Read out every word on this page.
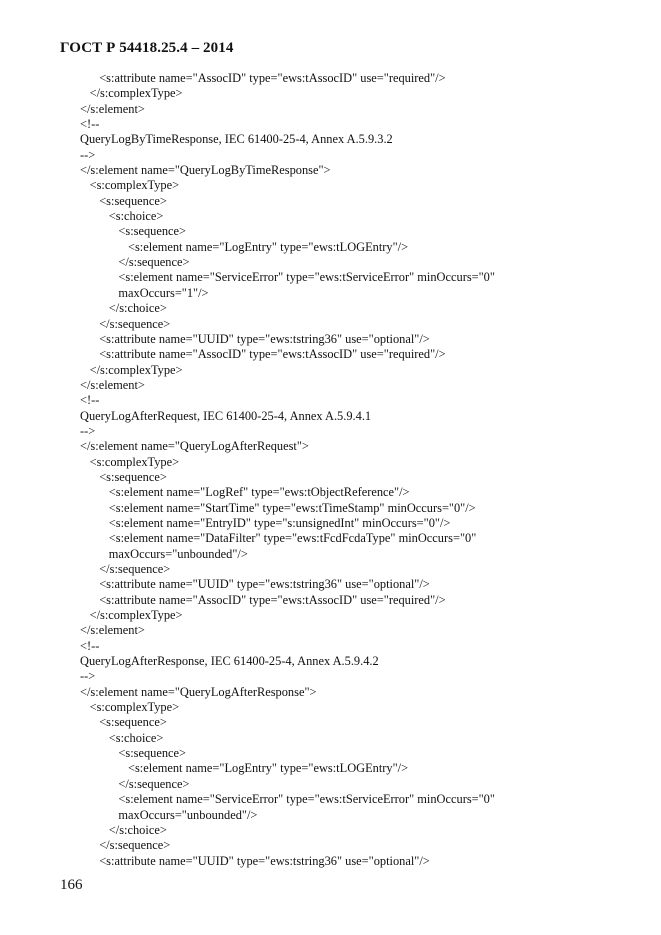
ГОСТ Р 54418.25.4 – 2014
<s:attribute name="AssocID" type="ews:tAssocID" use="required"/>
</s:complexType>
</s:element>
<!--
QueryLogByTimeResponse, IEC 61400-25-4, Annex A.5.9.3.2
-->
</s:element name="QueryLogByTimeResponse">
<s:complexType>
<s:sequence>
<s:choice>
<s:sequence>
<s:element name="LogEntry" type="ews:tLOGEntry"/>
</s:sequence>
<s:element name="ServiceError" type="ews:tServiceError" minOccurs="0"
maxOccurs="1"/>
</s:choice>
</s:sequence>
<s:attribute name="UUID" type="ews:tstring36" use="optional"/>
<s:attribute name="AssocID" type="ews:tAssocID" use="required"/>
</s:complexType>
</s:element>
<!--
QueryLogAfterRequest, IEC 61400-25-4, Annex A.5.9.4.1
-->
</s:element name="QueryLogAfterRequest">
<s:complexType>
<s:sequence>
<s:element name="LogRef" type="ews:tObjectReference"/>
<s:element name="StartTime" type="ews:tTimeStamp" minOccurs="0"/>
<s:element name="EntryID" type="s:unsignedInt" minOccurs="0"/>
<s:element name="DataFilter" type="ews:tFcdFcdaType" minOccurs="0"
maxOccurs="unbounded"/>
</s:sequence>
<s:attribute name="UUID" type="ews:tstring36" use="optional"/>
<s:attribute name="AssocID" type="ews:tAssocID" use="required"/>
</s:complexType>
</s:element>
<!--
QueryLogAfterResponse, IEC 61400-25-4, Annex A.5.9.4.2
-->
</s:element name="QueryLogAfterResponse">
<s:complexType>
<s:sequence>
<s:choice>
<s:sequence>
<s:element name="LogEntry" type="ews:tLOGEntry"/>
</s:sequence>
<s:element name="ServiceError" type="ews:tServiceError" minOccurs="0"
maxOccurs="unbounded"/>
</s:choice>
</s:sequence>
<s:attribute name="UUID" type="ews:tstring36" use="optional"/>
166
